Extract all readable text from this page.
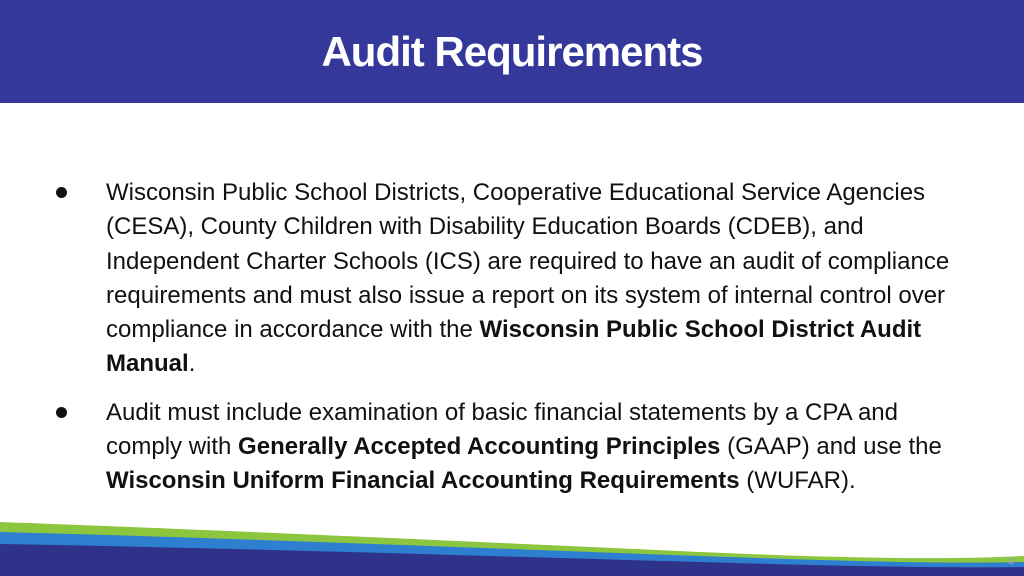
Audit Requirements
Wisconsin Public School Districts, Cooperative Educational Service Agencies (CESA), County Children with Disability Education Boards (CDEB), and Independent Charter Schools (ICS) are required to have an audit of compliance requirements and must also issue a report on its system of internal control over compliance in accordance with the Wisconsin Public School District Audit Manual.
Audit must include examination of basic financial statements by a CPA and comply with Generally Accepted Accounting Principles (GAAP) and use the Wisconsin Uniform Financial Accounting Requirements (WUFAR).
4
